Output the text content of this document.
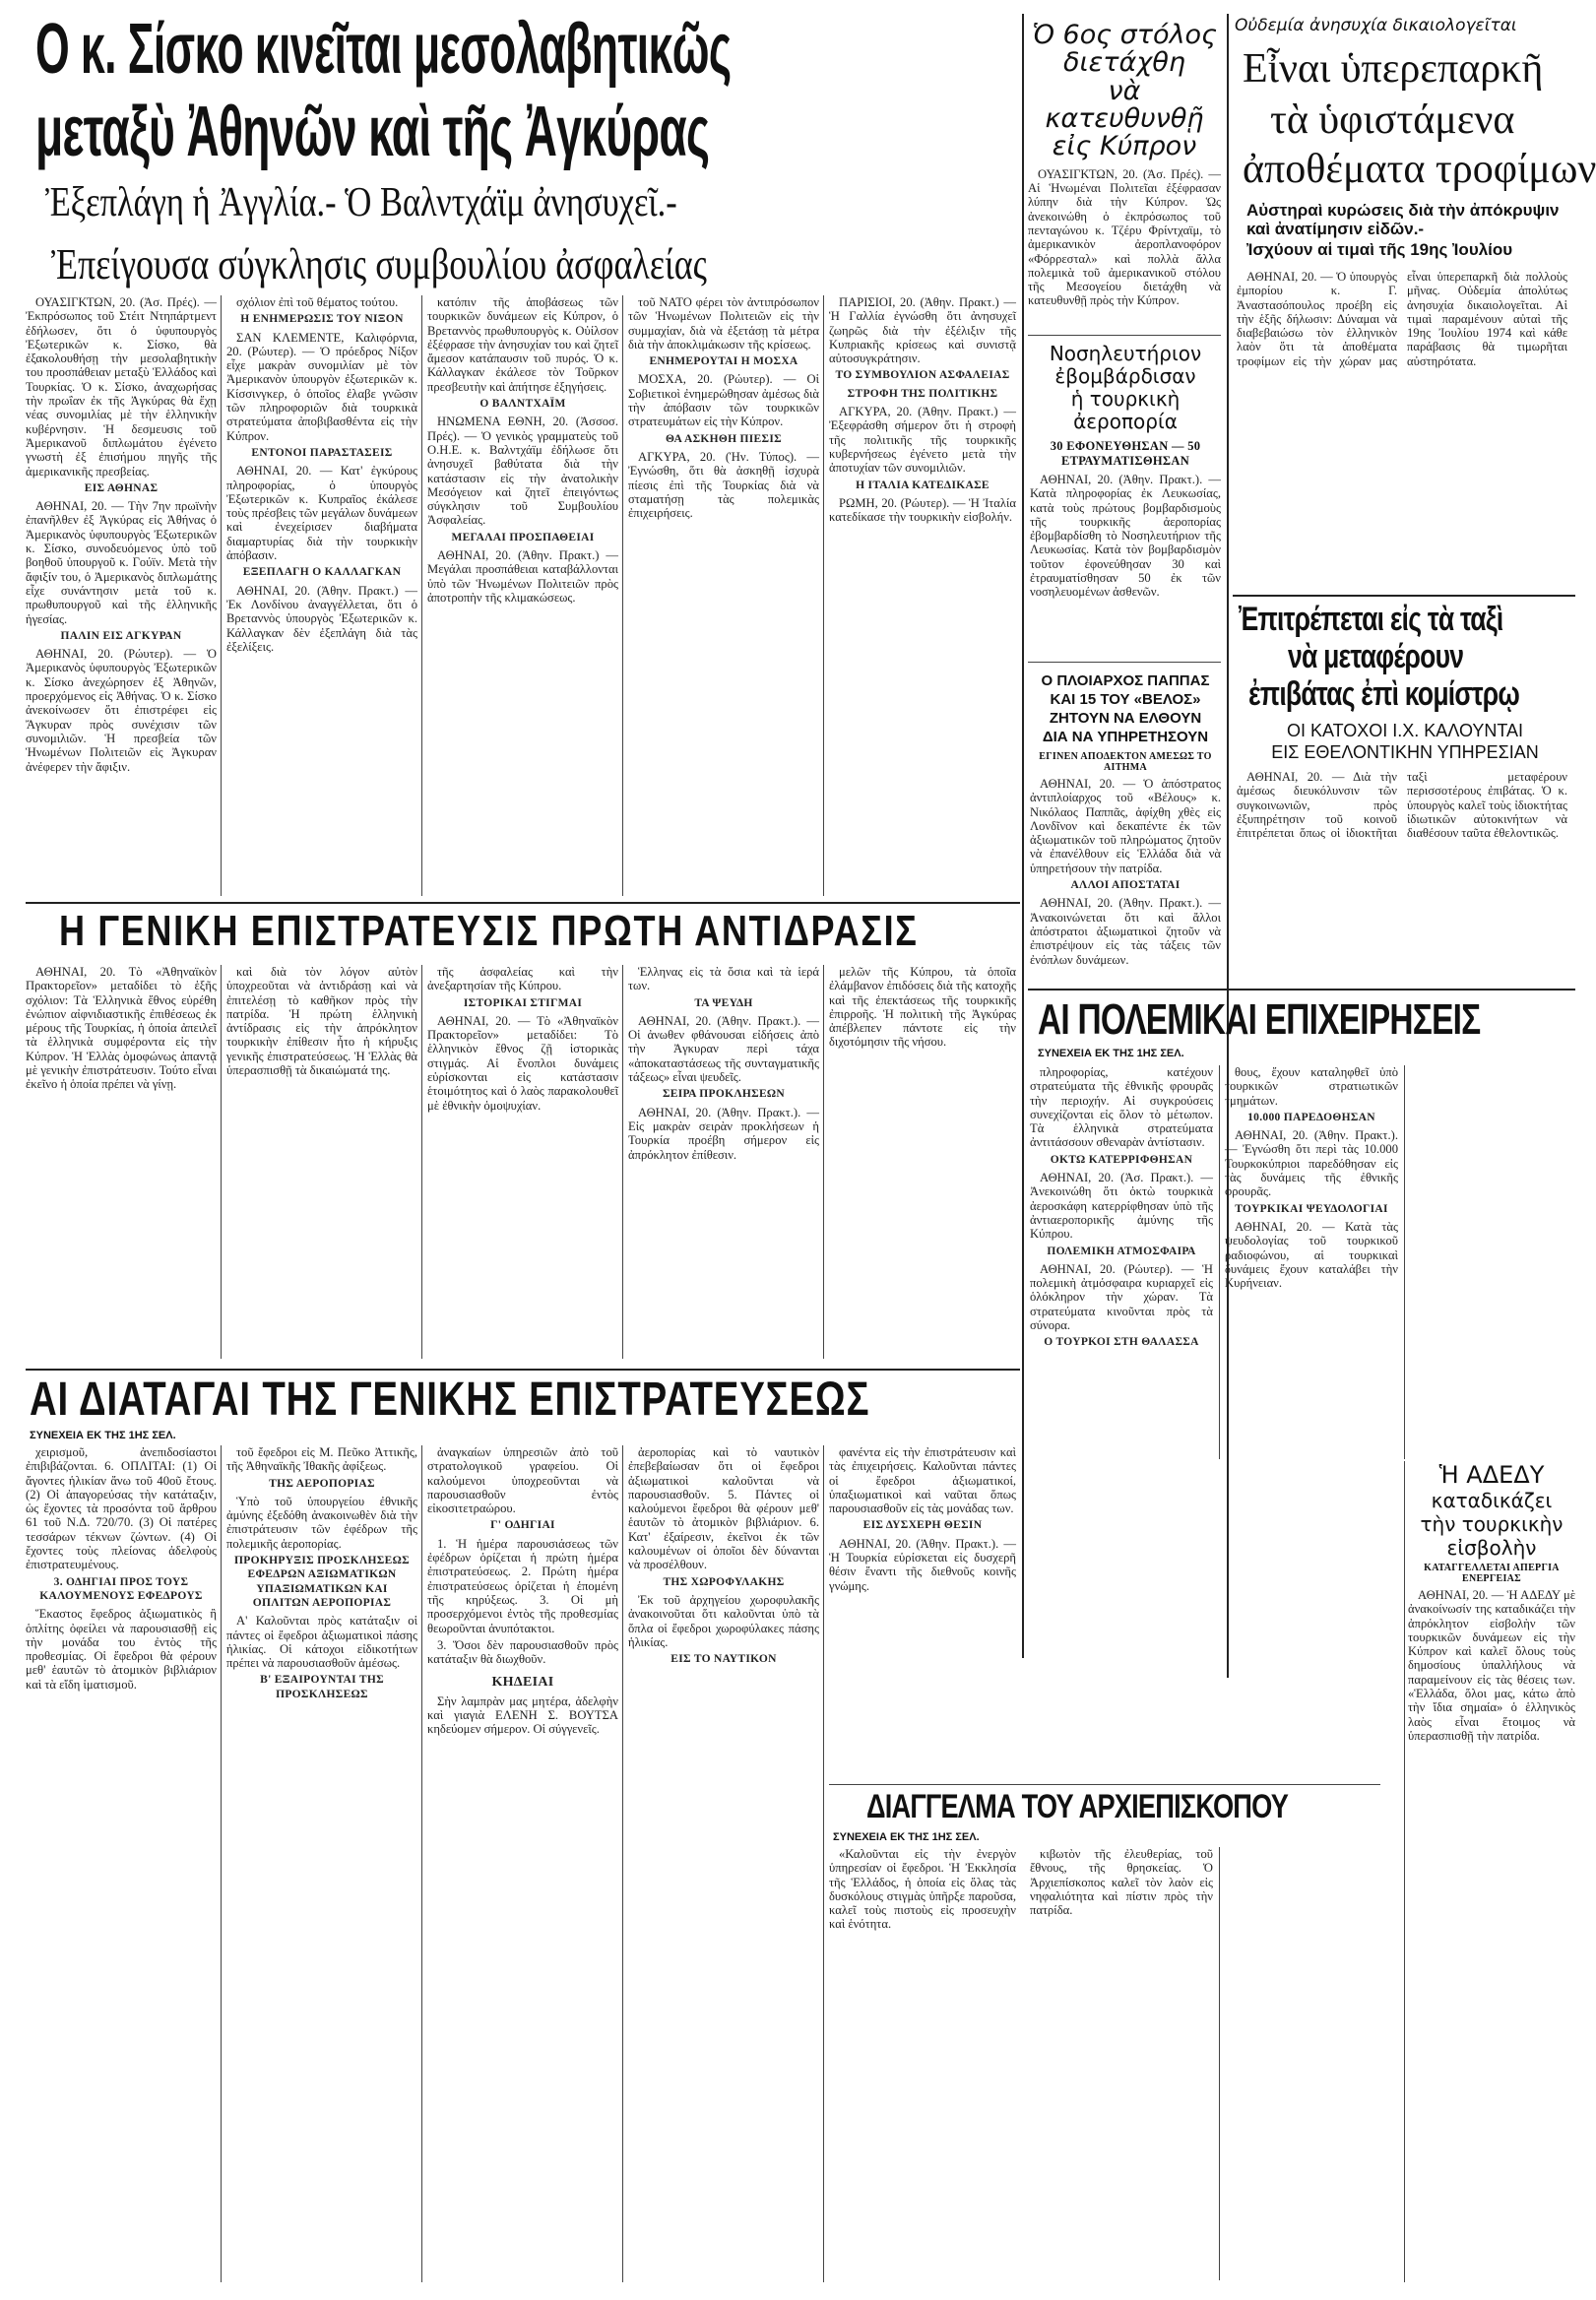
Ο κ. Σίσκο κινεῖται μεσολαβητικῶς
μεταξὺ Ἀθηνῶν καὶ τῆς Ἀγκύρας
Ἐξεπλάγη ἡ Ἀγγλία.- Ὁ Βαλντχάϊμ ἀνησυχεῖ.-
Ἐπείγουσα σύγκλησις συμβουλίου ἀσφαλείας

ΟΥΑΣΙΓΚΤΩΝ, 20. (Ἀσ. Πρές). — Ἐκπρόσωπος τοῦ Στέιτ Ντηπάρτμεντ ἐδήλωσεν, ὅτι ὁ ὑφυπουργὸς Ἐξωτερικῶν κ. Σίσκο, θὰ ἐξακολουθήσῃ τὴν μεσολαβητικὴν του προσπάθειαν μεταξὺ Ἑλλάδος καὶ Τουρκίας. Ὁ κ. Σίσκο, ἀναχωρήσας τὴν πρωΐαν ἐκ τῆς Ἀγκύρας θὰ ἔχῃ νέας συνομιλίας μὲ τὴν ἑλληνικὴν κυβέρνησιν. Ἡ δεσμευσις τοῦ Ἀμερικανοῦ διπλωμάτου ἐγένετο γνωστὴ ἐξ ἐπισήμου πηγῆς τῆς ἀμερικανικῆς πρεσβείας.

ΕΙΣ ΑΘΗΝΑΣ

ΑΘΗΝΑΙ, 20. — Τὴν 7ην πρωϊνὴν ἐπανῆλθεν ἐξ Ἀγκύρας εἰς Ἀθήνας ὁ Ἀμερικανὸς ὑφυπουργὸς Ἐξωτερικῶν κ. Σίσκο, συνοδευόμενος ὑπὸ τοῦ βοηθοῦ ὑπουργοῦ κ. Γούϊν. Μετὰ τὴν ἄφιξίν του, ὁ Ἀμερικανὸς διπλωμάτης εἶχε συνάντησιν μετὰ τοῦ κ. πρωθυπουργοῦ καὶ τῆς ἑλληνικῆς ἡγεσίας.

ΠΑΛΙΝ ΕΙΣ ΑΓΚΥΡΑΝ

ΑΘΗΝΑΙ, 20. (Ρώυτερ). — Ὁ Ἀμερικανὸς ὑφυπουργὸς Ἐξωτερικῶν κ. Σίσκο ἀνεχώρησεν ἐξ Ἀθηνῶν, προερχόμενος εἰς Ἀθήνας. Ὁ κ. Σίσκο ἀνεκοίνωσεν ὅτι ἐπιστρέφει εἰς Ἄγκυραν πρὸς συνέχισιν τῶν συνομιλιῶν. Ἡ πρεσβεία τῶν Ἡνωμένων Πολιτειῶν εἰς Ἀγκυραν ἀνέφερεν τὴν ἄφιξιν.

σχόλιον ἐπὶ τοῦ θέματος τούτου.

Η ΕΝΗΜΕΡΩΣΙΣ ΤΟΥ ΝΙΞΟΝ

ΣΑΝ ΚΛΕΜΕΝΤΕ, Καλιφόρνια, 20. (Ρώυτερ). — Ὁ πρόεδρος Νίξον εἶχε μακρὰν συνομιλίαν μὲ τὸν Ἀμερικανὸν ὑπουργὸν ἐξωτερικῶν κ. Κίσσινγκερ, ὁ ὁποῖος ἐλαβε γνῶσιν τῶν πληροφοριῶν διὰ τουρκικὰ στρατεύματα ἀποβιβασθέντα εἰς τὴν Κύπρον.

ΕΝΤΟΝΟΙ ΠΑΡΑΣΤΑΣΕΙΣ

ΑΘΗΝΑΙ, 20. — Κατ' ἐγκύρους πληροφορίας, ὁ ὑπουργὸς Ἐξωτερικῶν κ. Κυπραῖος ἐκάλεσε τοὺς πρέσβεις τῶν μεγάλων δυνάμεων καὶ ἐνεχείρισεν διαβήματα διαμαρτυρίας διὰ τὴν τουρκικὴν ἀπόβασιν.

ΕΞΕΠΛΑΓΗ Ο ΚΑΛΛΑΓΚΑΝ

ΑΘΗΝΑΙ, 20. (Ἀθην. Πρακτ.) — Ἐκ Λονδίνου ἀναγγέλλεται, ὅτι ὁ Βρεταννὸς ὑπουργὸς Ἐξωτερικῶν κ. Κάλλαγκαν δὲν ἐξεπλάγη διὰ τὰς ἐξελίξεις.

κατόπιν τῆς ἀποβάσεως τῶν τουρκικῶν δυνάμεων εἰς Κύπρον, ὁ Βρεταννὸς πρωθυπουργὸς κ. Οὐίλσον ἐξέφρασε τὴν ἀνησυχίαν του καὶ ζητεῖ ἄμεσον κατάπαυσιν τοῦ πυρός. Ὁ κ. Κάλλαγκαν ἐκάλεσε τὸν Τοῦρκον πρεσβευτὴν καὶ ἀπήτησε ἐξηγήσεις.

Ο ΒΑΛΝΤΧΑΪΜ

ΗΝΩΜΕΝΑ ΕΘΝΗ, 20. (Ἀσσοσ. Πρές). — Ὁ γενικὸς γραμματεὺς τοῦ Ο.Η.Ε. κ. Βαλντχάϊμ ἐδήλωσε ὅτι ἀνησυχεῖ βαθύτατα διὰ τὴν κατάστασιν εἰς τὴν ἀνατολικὴν Μεσόγειον καὶ ζητεῖ ἐπειγόντως σύγκλησιν τοῦ Συμβουλίου Ἀσφαλείας.

ΜΕΓΑΛΑΙ ΠΡΟΣΠΑΘΕΙΑΙ

ΑΘΗΝΑΙ, 20. (Ἀθην. Πρακτ.) — Μεγάλαι προσπάθειαι καταβάλλονται ὑπὸ τῶν Ἡνωμένων Πολιτειῶν πρὸς ἀποτροπὴν τῆς κλιμακώσεως.

τοῦ ΝΑΤΟ φέρει τὸν ἀντιπρόσωπον τῶν Ἡνωμένων Πολιτειῶν εἰς τὴν συμμαχίαν, διὰ νὰ ἐξετάσῃ τὰ μέτρα διὰ τὴν ἀποκλιμάκωσιν τῆς κρίσεως.

ΕΝΗΜΕΡΟΥΤΑΙ Η ΜΟΣΧΑ

ΜΟΣΧΑ, 20. (Ρώυτερ). — Οἱ Σοβιετικοὶ ἐνημερώθησαν ἀμέσως διὰ τὴν ἀπόβασιν τῶν τουρκικῶν στρατευμάτων εἰς τὴν Κύπρον.

ΘΑ ΑΣΚΗΘΗ ΠΙΕΣΙΣ

ΑΓΚΥΡΑ, 20. (Ἡν. Τύπος). — Ἐγνώσθη, ὅτι θὰ ἀσκηθῇ ἰσχυρὰ πίεσις ἐπὶ τῆς Τουρκίας διὰ νὰ σταματήσῃ τὰς πολεμικὰς ἐπιχειρήσεις.

ΠΑΡΙΣΙΟΙ, 20. (Ἀθην. Πρακτ.) — Ἡ Γαλλία ἐγνώσθη ὅτι ἀνησυχεῖ ζωηρῶς διὰ τὴν ἐξέλιξιν τῆς Κυπριακῆς κρίσεως καὶ συνιστᾷ αὐτοσυγκράτησιν.

ΤΟ ΣΥΜΒΟΥΛΙΟΝ ΑΣΦΑΛΕΙΑΣ
ΣΤΡΟΦΗ ΤΗΣ ΠΟΛΙΤΙΚΗΣ

ΑΓΚΥΡΑ, 20. (Ἀθην. Πρακτ.) — Ἐξεφράσθη σήμερον ὅτι ἡ στροφὴ τῆς πολιτικῆς τῆς τουρκικῆς κυβερνήσεως ἐγένετο μετὰ τὴν ἀποτυχίαν τῶν συνομιλιῶν.

Η ΙΤΑΛΙΑ ΚΑΤΕΔΙΚΑΣΕ

ΡΩΜΗ, 20. (Ρώυτερ). — Ἡ Ἰταλία κατεδίκασε τὴν τουρκικὴν εἰσβολήν.

Ὁ 6ος στόλος
διετάχθη
νὰ κατευθυνθῇ
εἰς Κύπρον

ΟΥΑΣΙΓΚΤΩΝ, 20. (Ἀσ. Πρές). — Αἱ Ἡνωμέναι Πολιτεῖαι ἐξέφρασαν λύπην διὰ τὴν Κύπρον. Ὡς ἀνεκοινώθη ὁ ἐκπρόσωπος τοῦ πενταγώνου κ. Τζέρυ Φρίντχαϊμ, τὸ ἀμερικανικὸν ἀεροπλανοφόρον «Φόρρεσταλ» καὶ πολλὰ ἄλλα πολεμικὰ τοῦ ἀμερικανικοῦ στόλου τῆς Μεσογείου διετάχθη νὰ κατευθυνθῇ πρὸς τὴν Κύπρον.

Οὐδεμία ἀνησυχία δικαιολογεῖται
Εἶναι ὑπερεπαρκῆ
τὰ ὑφιστάμενα
ἀποθέματα τροφίμων
Αὐστηραὶ κυρώσεις διὰ τὴν ἀπόκρυψιν καὶ ἀνατίμησιν εἰδῶν.-
Ἰσχύουν αἱ τιμαὶ τῆς 19ης Ἰουλίου

ΑΘΗΝΑΙ, 20. — Ὁ ὑπουργὸς ἐμπορίου κ. Γ. Ἀναστασόπουλος προέβη εἰς τὴν ἑξῆς δήλωσιν: Δύναμαι νὰ διαβεβαιώσω τὸν ἑλληνικὸν λαὸν ὅτι τὰ ἀποθέματα τροφίμων εἰς τὴν χώραν μας εἶναι ὑπερεπαρκῆ διὰ πολλοὺς μῆνας. Οὐδεμία ἀπολύτως ἀνησυχία δικαιολογεῖται. Αἱ τιμαὶ παραμένουν αὐταὶ τῆς 19ης Ἰουλίου 1974 καὶ κάθε παράβασις θὰ τιμωρῆται αὐστηρότατα.

Νοσηλευτήριον
ἐβομβάρδισαν
ἡ τουρκικὴ
ἀεροπορία
30 ΕΦΟΝΕΥΘΗΣΑΝ — 50 ΕΤΡΑΥΜΑΤΙΣΘΗΣΑΝ

ΑΘΗΝΑΙ, 20. (Ἀθην. Πρακτ.). — Κατὰ πληροφορίας ἐκ Λευκωσίας, κατὰ τοὺς πρώτους βομβαρδισμοὺς τῆς τουρκικῆς ἀεροπορίας ἐβομβαρδίσθη τὸ Νοσηλευτήριον τῆς Λευκωσίας. Κατὰ τὸν βομβαρδισμὸν τοῦτον ἐφονεύθησαν 30 καὶ ἐτραυματίσθησαν 50 ἐκ τῶν νοσηλευομένων ἀσθενῶν.

Ο ΠΛΟΙΑΡΧΟΣ ΠΑΠΠΑΣ
ΚΑΙ 15 ΤΟΥ «ΒΕΛΟΣ»
ΖΗΤΟΥΝ ΝΑ ΕΛΘΟΥΝ
ΔΙΑ ΝΑ ΥΠΗΡΕΤΗΣΟΥΝ
ΕΓΙΝΕΝ ΑΠΟΔΕΚΤΟΝ ΑΜΕΣΩΣ ΤΟ ΑΙΤΗΜΑ

ΑΘΗΝΑΙ, 20. — Ὁ ἀπόστρατος ἀντιπλοίαρχος τοῦ «Βέλους» κ. Νικόλαος Παππᾶς, ἀφίχθη χθὲς εἰς Λονδῖνον καὶ δεκαπέντε ἐκ τῶν ἀξιωματικῶν τοῦ πληρώματος ζητοῦν νὰ ἐπανέλθουν εἰς Ἑλλάδα διὰ νὰ ὑπηρετήσουν τὴν πατρίδα.

ΑΛΛΟΙ ΑΠΟΣΤΑΤΑΙ

ΑΘΗΝΑΙ, 20. (Ἀθην. Πρακτ.). — Ἀνακοινώνεται ὅτι καὶ ἄλλοι ἀπόστρατοι ἀξιωματικοὶ ζητοῦν νὰ ἐπιστρέψουν εἰς τὰς τάξεις τῶν ἐνόπλων δυνάμεων.

Ἐπιτρέπεται εἰς τὰ ταξὶ
νὰ μεταφέρουν
ἐπιβάτας ἐπὶ κομίστρῳ
ΟΙ ΚΑΤΟΧΟΙ Ι.Χ. ΚΑΛΟΥΝΤΑΙ
ΕΙΣ ΕΘΕΛΟΝΤΙΚΗΝ ΥΠΗΡΕΣΙΑΝ

ΑΘΗΝΑΙ, 20. — Διὰ τὴν ἀμέσως διευκόλυνσιν τῶν συγκοινωνιῶν, πρὸς ἐξυπηρέτησιν τοῦ κοινοῦ ἐπιτρέπεται ὅπως οἱ ἰδιοκτῆται ταξὶ μεταφέρουν περισσοτέρους ἐπιβάτας. Ὁ κ. ὑπουργὸς καλεῖ τοὺς ἰδιοκτήτας ἰδιωτικῶν αὐτοκινήτων νὰ διαθέσουν ταῦτα ἐθελοντικῶς.

Η ΓΕΝΙΚΗ ΕΠΙΣΤΡΑΤΕΥΣΙΣ ΠΡΩΤΗ ΑΝΤΙΔΡΑΣΙΣ

ΑΘΗΝΑΙ, 20. Τὸ «Ἀθηναϊκὸν Πρακτορεῖον» μεταδίδει τὸ ἑξῆς σχόλιον: Τὰ Ἑλληνικὰ ἔθνος εὑρέθη ἐνώπιον αἰφνιδιαστικῆς ἐπιθέσεως ἐκ μέρους τῆς Τουρκίας, ἡ ὁποία ἀπειλεῖ τὰ ἑλληνικὰ συμφέροντα εἰς τὴν Κύπρον. Ἡ Ἑλλὰς ὁμοφώνως ἀπαντᾷ μὲ γενικὴν ἐπιστράτευσιν. Τούτο εἶναι ἐκεῖνο ἡ ὁποία πρέπει νὰ γίνῃ.

καὶ διὰ τὸν λόγον αὐτὸν ὑποχρεοῦται νὰ ἀντιδράσῃ καὶ νὰ ἐπιτελέσῃ τὸ καθῆκον πρὸς τὴν πατρίδα. Ἡ πρώτη ἑλληνικὴ ἀντίδρασις εἰς τὴν ἀπρόκλητον τουρκικὴν ἐπίθεσιν ἦτο ἡ κήρυξις γενικῆς ἐπιστρατεύσεως. Ἡ Ἑλλὰς θὰ ὑπερασπισθῇ τὰ δικαιώματά της.

τῆς ἀσφαλείας καὶ τὴν ἀνεξαρτησίαν τῆς Κύπρου.

ΙΣΤΟΡΙΚΑΙ ΣΤΙΓΜΑΙ

ΑΘΗΝΑΙ, 20. — Τὸ «Ἀθηναϊκὸν Πρακτορεῖον» μεταδίδει: Τὸ ἑλληνικὸν ἔθνος ζῇ ἱστορικὰς στιγμάς. Αἱ ἔνοπλοι δυνάμεις εὑρίσκονται εἰς κατάστασιν ἑτοιμότητος καὶ ὁ λαὸς παρακολουθεῖ μὲ ἐθνικὴν ὁμοψυχίαν.

Ἑλληνας εἰς τὰ ὅσια καὶ τὰ ἱερά των.

ΤΑ ΨΕΥΔΗ

ΑΘΗΝΑΙ, 20. (Ἀθην. Πρακτ.). — Οἱ ἀνωθεν φθάνουσαι εἰδήσεις ἀπὸ τὴν Ἀγκυραν περὶ τάχα «ἀποκαταστάσεως τῆς συνταγματικῆς τάξεως» εἶναι ψευδεῖς.

ΣΕΙΡΑ ΠΡΟΚΛΗΣΕΩΝ

ΑΘΗΝΑΙ, 20. (Ἀθην. Πρακτ.). — Εἰς μακρὰν σειρὰν προκλήσεων ἡ Τουρκία προέβη σήμερον εἰς ἀπρόκλητον ἐπίθεσιν.

μελῶν τῆς Κύπρου, τὰ ὁποῖα ἐλάμβανον ἐπιδόσεις διὰ τῆς κατοχῆς καὶ τῆς ἐπεκτάσεως τῆς τουρκικῆς ἐπιρροῆς. Ἡ πολιτικὴ τῆς Ἀγκύρας ἀπέβλεπεν πάντοτε εἰς τὴν διχοτόμησιν τῆς νήσου.	ΑΙ ΠΟΛΕΜΙΚΑΙ ΕΠΙΧΕΙΡΗΣΕΙΣ
ΣΥΝΕΧΕΙΑ ΕΚ ΤΗΣ 1ΗΣ ΣΕΛ.

πληροφορίας, κατέχουν στρατεύματα τῆς ἐθνικῆς φρουρᾶς τὴν περιοχήν. Αἱ συγκρούσεις συνεχίζονται εἰς ὅλον τὸ μέτωπον. Τὰ ἑλληνικὰ στρατεύματα ἀντιτάσσουν σθεναρὰν ἀντίστασιν.

ΟΚΤΩ ΚΑΤΕΡΡΙΦΘΗΣΑΝ

ΑΘΗΝΑΙ, 20. (Ἀσ. Πρακτ.). — Ἀνεκοινώθη ὅτι ὀκτὼ τουρκικὰ ἀεροσκάφη κατερρίφθησαν ὑπὸ τῆς ἀντιαεροπορικῆς ἀμύνης τῆς Κύπρου.

ΠΟΛΕΜΙΚΗ ΑΤΜΟΣΦΑΙΡΑ

ΑΘΗΝΑΙ, 20. (Ρώυτερ). — Ἡ πολεμικὴ ἀτμόσφαιρα κυριαρχεῖ εἰς ὁλόκληρον τὴν χώραν. Τὰ στρατεύματα κινοῦνται πρὸς τὰ σύνορα.

Ο ΤΟΥΡΚΟΙ ΣΤΗ ΘΑΛΑΣΣΑ

θους, ἔχουν καταληφθεῖ ὑπὸ τουρκικῶν στρατιωτικῶν τμημάτων.

10.000 ΠΑΡΕΔΟΘΗΣΑΝ

ΑΘΗΝΑΙ, 20. (Ἀθην. Πρακτ.). — Ἐγνώσθη ὅτι περὶ τὰς 10.000 Τουρκοκύπριοι παρεδόθησαν εἰς τὰς δυνάμεις τῆς ἐθνικῆς φρουρᾶς.

ΤΟΥΡΚΙΚΑΙ ΨΕΥΔΟΛΟΓΙΑΙ

ΑΘΗΝΑΙ, 20. — Κατὰ τὰς ψευδολογίας τοῦ τουρκικοῦ ραδιοφώνου, αἱ τουρκικαὶ δυνάμεις ἔχουν καταλάβει τὴν Κυρήνειαν.

ΑΙ ΔΙΑΤΑΓΑΙ ΤΗΣ ΓΕΝΙΚΗΣ ΕΠΙΣΤΡΑΤΕΥΣΕΩΣ
ΣΥΝΕΧΕΙΑ ΕΚ ΤΗΣ 1ΗΣ ΣΕΛ.

χειρισμοῦ, ἀνεπιδοσίαστοι ἐπιβιβάζονται. 6. ΟΠΛΙΤΑΙ: (1) Οἱ ἄγοντες ἡλικίαν ἄνω τοῦ 40οῦ ἔτους. (2) Οἱ ἀπαγορεύσας τὴν κατάταξιν, ὡς ἔχοντες τὰ προσόντα τοῦ ἄρθρου 61 τοῦ Ν.Δ. 720/70. (3) Οἱ πατέρες τεσσάρων τέκνων ζώντων. (4) Οἱ ἔχοντες τοὺς πλείονας ἀδελφοὺς ἐπιστρατευμένους.

3. ΟΔΗΓΙΑΙ ΠΡΟΣ ΤΟΥΣ ΚΑΛΟΥΜΕΝΟΥΣ ΕΦΕΔΡΟΥΣ

Ἕκαστος ἔφεδρος ἀξιωματικὸς ἢ ὁπλίτης ὀφείλει νὰ παρουσιασθῇ εἰς τὴν μονάδα του ἐντὸς τῆς προθεσμίας. Οἱ ἔφεδροι θὰ φέρουν μεθ' ἑαυτῶν τὸ ἀτομικὸν βιβλιάριον καὶ τὰ εἴδη ἱματισμοῦ.

τοῦ ἔφεδροι εἰς Μ. Πεῦκο Ἀττικῆς, τῆς Ἀθηναϊκῆς Ἰθακῆς ἀφίξεως.

ΤΗΣ ΑΕΡΟΠΟΡΙΑΣ

Ὑπὸ τοῦ ὑπουργείου ἐθνικῆς ἀμύνης ἐξεδόθη ἀνακοινωθὲν διὰ τὴν ἐπιστράτευσιν τῶν ἐφέδρων τῆς πολεμικῆς ἀεροπορίας.

ΠΡΟΚΗΡΥΞΙΣ ΠΡΟΣΚΛΗΣΕΩΣ ΕΦΕΔΡΩΝ ΑΞΙΩΜΑΤΙΚΩΝ ΥΠΑΞΙΩΜΑΤΙΚΩΝ ΚΑΙ ΟΠΛΙΤΩΝ ΑΕΡΟΠΟΡΙΑΣ

Α' Καλοῦνται πρὸς κατάταξιν οἱ πάντες οἱ ἔφεδροι ἀξιωματικοὶ πάσης ἡλικίας. Οἱ κάτοχοι εἰδικοτήτων πρέπει νὰ παρουσιασθοῦν ἀμέσως.

Β' ΕΞΑΙΡΟΥΝΤΑΙ ΤΗΣ ΠΡΟΣΚΛΗΣΕΩΣ

ἀναγκαίων ὑπηρεσιῶν ἀπὸ τοῦ στρατολογικοῦ γραφείου. Οἱ καλούμενοι ὑποχρεοῦνται νὰ παρουσιασθοῦν ἐντὸς εἰκοσιτετραώρου.

Γ' ΟΔΗΓΙΑΙ

1. Ἡ ἡμέρα παρουσιάσεως τῶν ἐφέδρων ὁρίζεται ἡ πρώτη ἡμέρα ἐπιστρατεύσεως. 2. Πρώτη ἡμέρα ἐπιστρατεύσεως ὁρίζεται ἡ ἑπομένη τῆς κηρύξεως. 3. Οἱ μὴ προσερχόμενοι ἐντὸς τῆς προθεσμίας θεωροῦνται ἀνυπότακτοι.

3. Ὅσοι δὲν παρουσιασθοῦν πρὸς κατάταξιν θὰ διωχθοῦν.

ΚΗΔΕΙΑΙ

Σὴν λαμπρὰν μας μητέρα, ἀδελφὴν καὶ γιαγιὰ ΕΛΕΝΗ Σ. ΒΟΥΤΣΑ κηδεύομεν σήμερον. Οἱ σύγγενεῖς.

ἀεροπορίας καὶ τὸ ναυτικὸν ἐπεβεβαίωσαν ὅτι οἱ ἔφεδροι ἀξιωματικοὶ καλοῦνται νὰ παρουσιασθοῦν. 5. Πάντες οἱ καλούμενοι ἔφεδροι θὰ φέρουν μεθ' ἑαυτῶν τὸ ἀτομικὸν βιβλιάριον. 6. Κατ' ἐξαίρεσιν, ἐκεῖνοι ἐκ τῶν καλουμένων οἱ ὁποῖοι δὲν δύνανται νὰ προσέλθουν.

ΤΗΣ ΧΩΡΟΦΥΛΑΚΗΣ

Ἐκ τοῦ ἀρχηγείου χωροφυλακῆς ἀνακοινοῦται ὅτι καλοῦνται ὑπὸ τὰ ὅπλα οἱ ἔφεδροι χωροφύλακες πάσης ἡλικίας.

ΕΙΣ ΤΟ ΝΑΥΤΙΚΟΝ

φανέντα εἰς τὴν ἐπιστράτευσιν καὶ τὰς ἐπιχειρήσεις. Καλοῦνται πάντες οἱ ἔφεδροι ἀξιωματικοί, ὑπαξιωματικοὶ καὶ ναῦται ὅπως παρουσιασθοῦν εἰς τὰς μονάδας των.

ΕΙΣ ΔΥΣΧΕΡΗ ΘΕΣΙΝ

ΑΘΗΝΑΙ, 20. (Ἀθην. Πρακτ.). — Ἡ Τουρκία εὑρίσκεται εἰς δυσχερῆ θέσιν ἔναντι τῆς διεθνοῦς κοινῆς γνώμης.

ΔΙΑΓΓΕΛΜΑ ΤΟΥ ΑΡΧΙΕΠΙΣΚΟΠΟΥ
ΣΥΝΕΧΕΙΑ ΕΚ ΤΗΣ 1ΗΣ ΣΕΛ.

«Καλοῦνται εἰς τὴν ἐνεργὸν ὑπηρεσίαν οἱ ἔφεδροι. Ἡ Ἐκκλησία τῆς Ἑλλάδος, ἡ ὁποία εἰς ὅλας τὰς δυσκόλους στιγμὰς ὑπῆρξε παροῦσα, καλεῖ τοὺς πιστοὺς εἰς προσευχὴν καὶ ἑνότητα.

κιβωτὸν τῆς ἐλευθερίας, τοῦ ἔθνους, τῆς θρησκείας. Ὁ Ἀρχιεπίσκοπος καλεῖ τὸν λαὸν εἰς νηφαλιότητα καὶ πίστιν πρὸς τὴν πατρίδα.

Ἡ ΑΔΕΔΥ
καταδικάζει
τὴν τουρκικὴν
εἰσβολὴν
ΚΑΤΑΓΓΕΛΛΕΤΑΙ ΑΠΕΡΓΙΑ ΕΝΕΡΓΕΙΑΣ

ΑΘΗΝΑΙ, 20. — Ἡ ΑΔΕΔΥ μὲ ἀνακοίνωσίν της καταδικάζει τὴν ἀπρόκλητον εἰσβολὴν τῶν τουρκικῶν δυνάμεων εἰς τὴν Κύπρον καὶ καλεῖ ὅλους τοὺς δημοσίους ὑπαλλήλους νὰ παραμείνουν εἰς τὰς θέσεις των. «Ἑλλάδα, ὅλοι μας, κάτω ἀπὸ τὴν ἴδια σημαία» ὁ ἑλληνικὸς λαὸς εἶναι ἕτοιμος νὰ ὑπερασπισθῇ τὴν πατρίδα.
